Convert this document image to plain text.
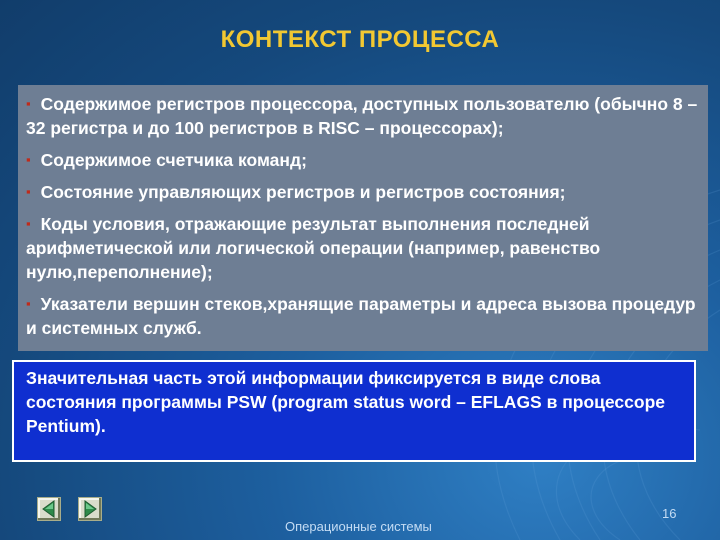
КОНТЕКСТ ПРОЦЕССА
▪ Содержимое регистров процессора, доступных пользователю (обычно 8 – 32 регистра и до 100 регистров в RISC – процессорах);
▪ Содержимое счетчика команд;
▪ Состояние управляющих регистров и регистров состояния;
▪ Коды условия, отражающие результат выполнения последней арифметической или логической операции (например, равенство нулю,переполнение);
▪ Указатели вершин стеков,хранящие параметры и адреса вызова процедур и системных служб.
Значительная часть этой информации фиксируется в виде слова состояния программы PSW (program status word – EFLAGS в процессоре Pentium).
Операционные системы
16
